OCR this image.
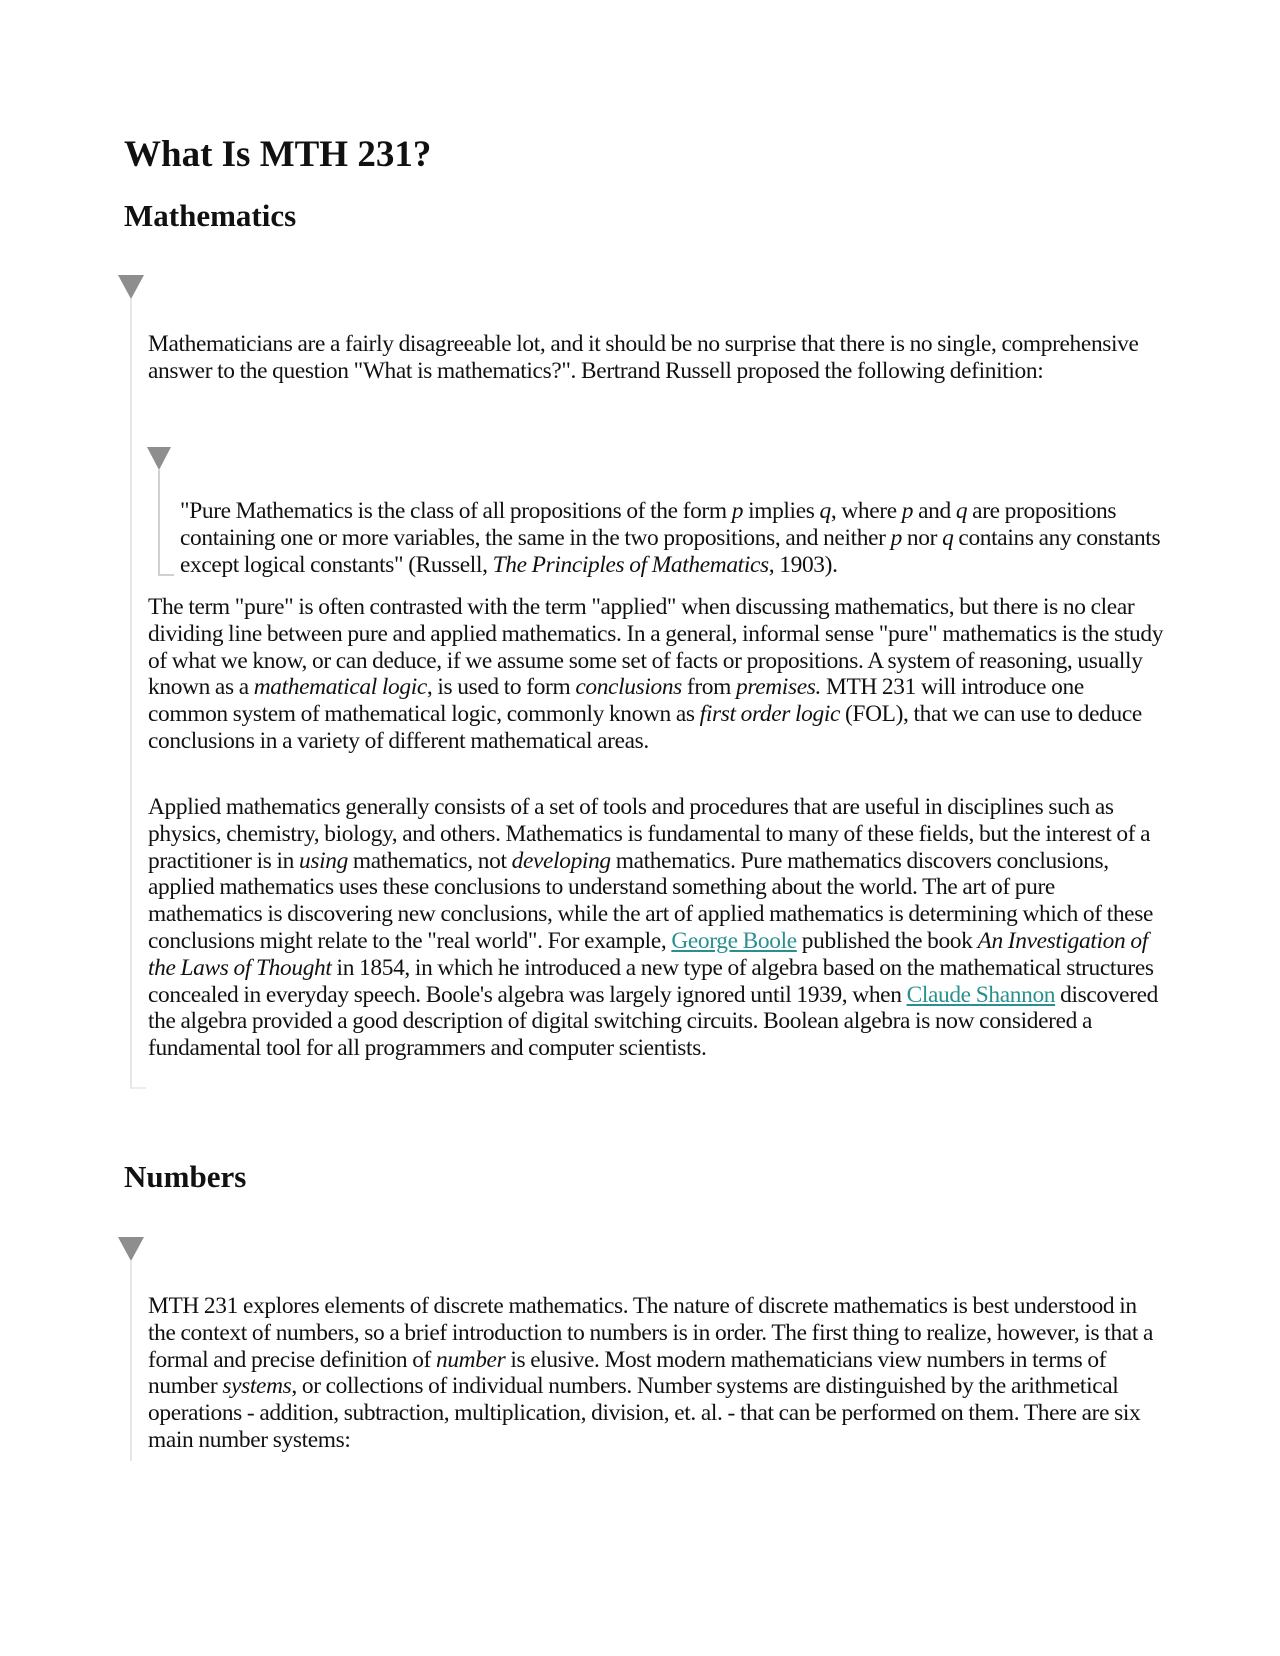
What Is MTH 231?
Mathematics

Mathematicians are a fairly disagreeable lot, and it should be no surprise that there is no single, comprehensive answer to the question "What is mathematics?". Bertrand Russell proposed the following definition:

"Pure Mathematics is the class of all propositions of the form p implies q, where p and q are propositions containing one or more variables, the same in the two propositions, and neither p nor q contains any constants except logical constants" (Russell, The Principles of Mathematics, 1903).

The term "pure" is often contrasted with the term "applied" when discussing mathematics, but there is no clear dividing line between pure and applied mathematics. In a general, informal sense "pure" mathematics is the study of what we know, or can deduce, if we assume some set of facts or propositions. A system of reasoning, usually known as a mathematical logic, is used to form conclusions from premises. MTH 231 will introduce one common system of mathematical logic, commonly known as first order logic (FOL), that we can use to deduce conclusions in a variety of different mathematical areas.

Applied mathematics generally consists of a set of tools and procedures that are useful in disciplines such as physics, chemistry, biology, and others. Mathematics is fundamental to many of these fields, but the interest of a practitioner is in using mathematics, not developing mathematics. Pure mathematics discovers conclusions, applied mathematics uses these conclusions to understand something about the world. The art of pure mathematics is discovering new conclusions, while the art of applied mathematics is determining which of these conclusions might relate to the "real world". For example, George Boole published the book An Investigation of the Laws of Thought in 1854, in which he introduced a new type of algebra based on the mathematical structures concealed in everyday speech. Boole's algebra was largely ignored until 1939, when Claude Shannon discovered the algebra provided a good description of digital switching circuits. Boolean algebra is now considered a fundamental tool for all programmers and computer scientists.

Numbers

MTH 231 explores elements of discrete mathematics. The nature of discrete mathematics is best understood in the context of numbers, so a brief introduction to numbers is in order. The first thing to realize, however, is that a formal and precise definition of number is elusive. Most modern mathematicians view numbers in terms of number systems, or collections of individual numbers. Number systems are distinguished by the arithmetical operations - addition, subtraction, multiplication, division, et. al. - that can be performed on them. There are six main number systems:
